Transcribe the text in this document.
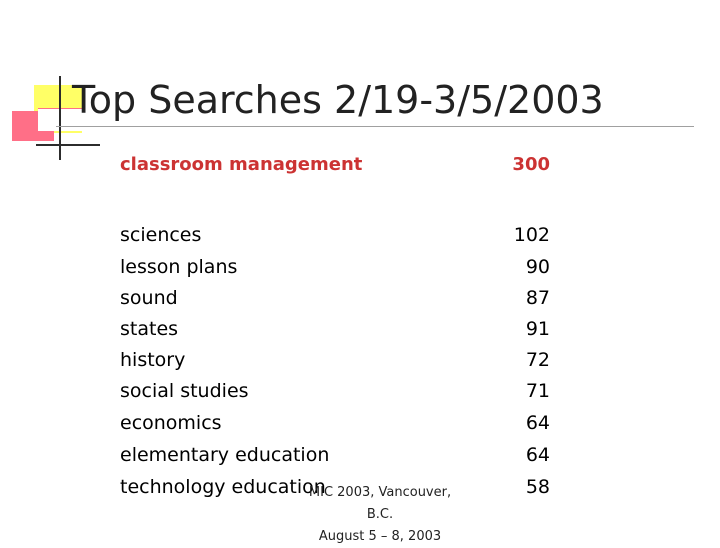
Top Searches 2/19-3/5/2003
classroom management	300
sciences	102
lesson plans	90
sound	87
states	91
history	72
social studies	71
economics	64
elementary education	64
technology education	58
MIC 2003, Vancouver, B.C.
August 5 – 8, 2003
